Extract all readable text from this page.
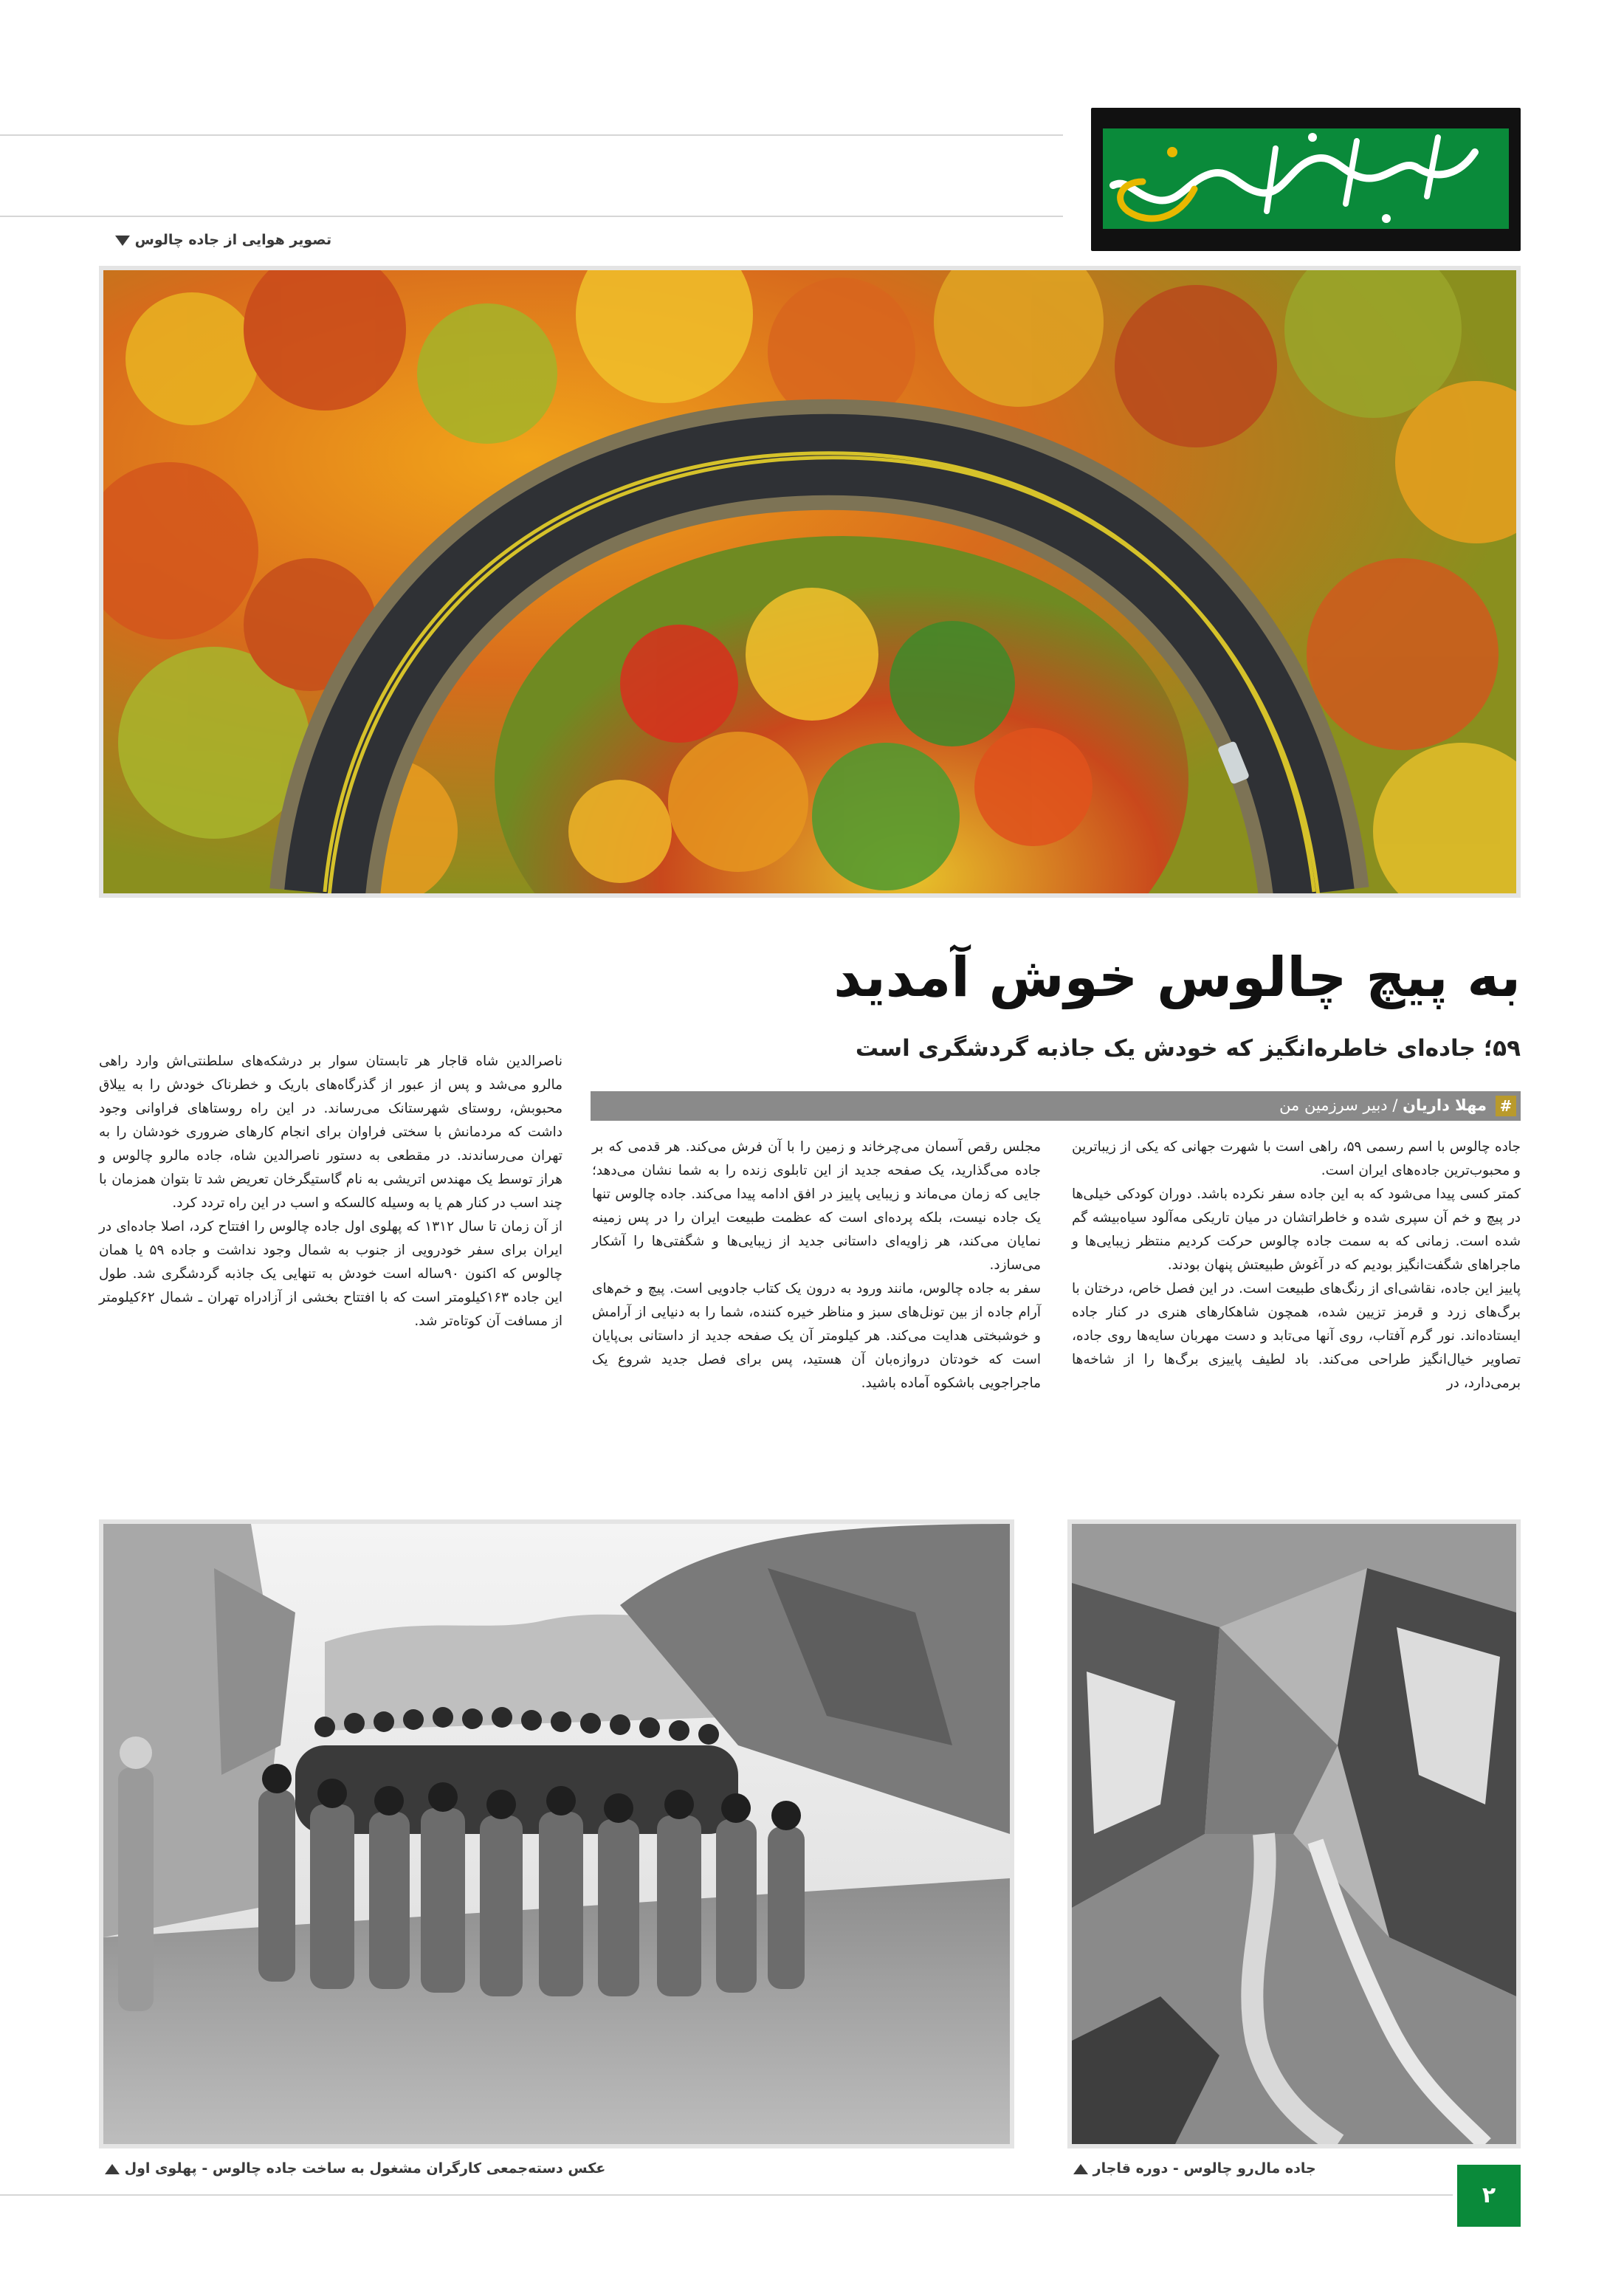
تصویر هوایی از جاده چالوس
به پیچ چالوس خوش آمدید
۵۹؛ جاده‌ای خاطره‌انگیز که خودش یک جاذبه گردشگری است
#
مهلا داریان / دبیر سرزمین من

جاده چالوس با اسم رسمی ۵۹، راهی است با شهرت جهانی که یکی از زیباترین و محبوب‌ترین جاده‌های ایران است.

کمتر کسی پیدا می‌شود که به این جاده سفر نکرده باشد. دوران کودکی خیلی‌ها در پیچ و خم آن سپری شده و خاطراتشان در میان تاریکی مه‌آلود سیاه‌بیشه گم شده است. زمانی که به سمت جاده چالوس حرکت کردیم منتظر زیبایی‌ها و ماجراهای شگفت‌انگیز بودیم که در آغوش طبیعتش پنهان بودند.

پاییز این جاده، نقاشی‌ای از رنگ‌های طبیعت است. در این فصل خاص، درختان با برگ‌های زرد و قرمز تزیین شده، همچون شاهکارهای هنری در کنار جاده ایستاده‌اند. نور گرم آفتاب، روی آنها می‌تابد و دست مهربان سایه‌ها روی جاده، تصاویر خیال‌انگیز طراحی می‌کند. باد لطیف پاییزی برگ‌ها را از شاخه‌ها برمی‌دارد، در

مجلس رقص آسمان می‌چرخاند و زمین را با آن فرش می‌کند. هر قدمی که بر جاده می‌گذارید، یک صفحه جدید از این تابلوی زنده را به شما نشان می‌دهد؛ جایی که زمان می‌ماند و زیبایی پاییز در افق ادامه پیدا می‌کند. جاده چالوس تنها یک جاده نیست، بلکه پرده‌ای است که عظمت طبیعت ایران را در پس زمینه نمایان می‌کند، هر زاویه‌ای داستانی جدید از زیبایی‌ها و شگفتی‌ها را آشکار می‌سازد.

سفر به جاده چالوس، مانند ورود به درون یک کتاب جادویی است. پیچ و خم‌های آرام جاده از بین تونل‌های سبز و مناظر خیره کننده، شما را به دنیایی از آرامش و خوشبختی هدایت می‌کند. هر کیلومتر آن یک صفحه جدید از داستانی بی‌پایان است که خودتان دروازه‌بان آن هستید، پس برای فصل جدید شروع یک ماجراجویی باشکوه آماده باشید.

ناصرالدین شاه قاجار هر تابستان سوار بر درشکه‌های سلطنتی‌اش وارد راهی مالرو می‌شد و پس از عبور از گذرگاه‌های باریک و خطرناک خودش را به ییلاق محبوبش، روستای شهرستانک می‌رساند. در این راه روستاهای فراوانی وجود داشت که مردمانش با سختی فراوان برای انجام کارهای ضروری خودشان را به تهران می‌رساندند. در مقطعی به دستور ناصرالدین شاه، جاده مالرو چالوس و هراز توسط یک مهندس اتریشی به نام گاستیگرخان تعریض شد تا بتوان همزمان با چند اسب در کنار هم یا به وسیله کالسکه و اسب در این راه تردد کرد.

از آن زمان تا سال ۱۳۱۲ که پهلوی اول جاده چالوس را افتتاح کرد، اصلا جاده‌ای در ایران برای سفر خودرویی از جنوب به شمال وجود نداشت و جاده ۵۹ یا همان چالوس که اکنون ۹۰ساله است خودش به تنهایی یک جاذبه گردشگری شد. طول این جاده ۱۶۳کیلومتر است که با افتتاح بخشی از آزادراه تهران ـ شمال ۶۲کیلومتر از مسافت آن کوتاه‌تر شد.

عکس دسته‌جمعی کارگران مشغول به ساخت جاده چالوس - پهلوی اول	جاده مال‌رو چالوس - دوره قاجار
۲
